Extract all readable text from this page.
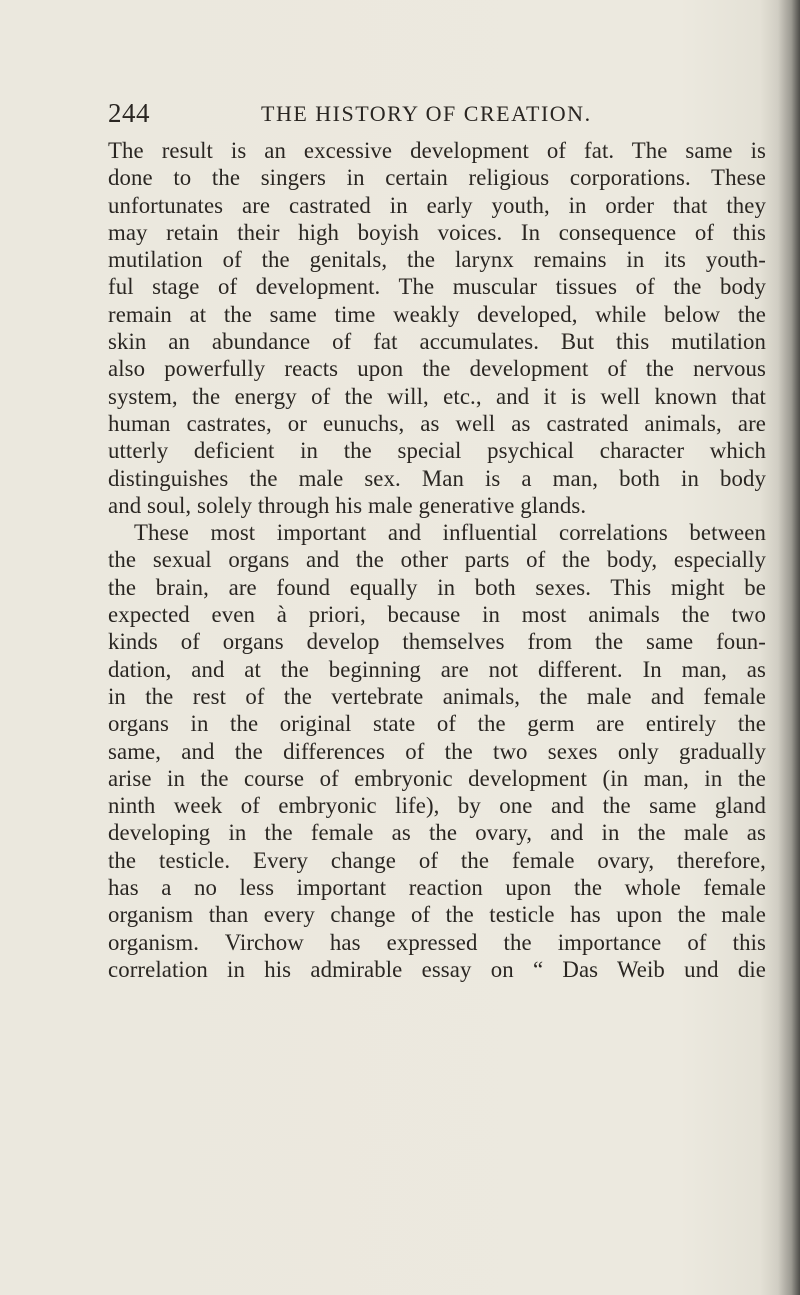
244	THE HISTORY OF CREATION.
The result is an excessive development of fat. The same is
done to the singers in certain religious corporations. These
unfortunates are castrated in early youth, in order that they
may retain their high boyish voices. In consequence of this
mutilation of the genitals, the larynx remains in its youth-
ful stage of development. The muscular tissues of the body
remain at the same time weakly developed, while below the
skin an abundance of fat accumulates. But this mutilation
also powerfully reacts upon the development of the nervous
system, the energy of the will, etc., and it is well known that
human castrates, or eunuchs, as well as castrated animals, are
utterly deficient in the special psychical character which
distinguishes the male sex. Man is a man, both in body
and soul, solely through his male generative glands.
These most important and influential correlations between
the sexual organs and the other parts of the body, especially
the brain, are found equally in both sexes. This might be
expected even à priori, because in most animals the two
kinds of organs develop themselves from the same foun-
dation, and at the beginning are not different. In man, as
in the rest of the vertebrate animals, the male and female
organs in the original state of the germ are entirely the
same, and the differences of the two sexes only gradually
arise in the course of embryonic development (in man, in the
ninth week of embryonic life), by one and the same gland
developing in the female as the ovary, and in the male as
the testicle. Every change of the female ovary, therefore,
has a no less important reaction upon the whole female
organism than every change of the testicle has upon the male
organism. Virchow has expressed the importance of this
correlation in his admirable essay on “ Das Weib und die
